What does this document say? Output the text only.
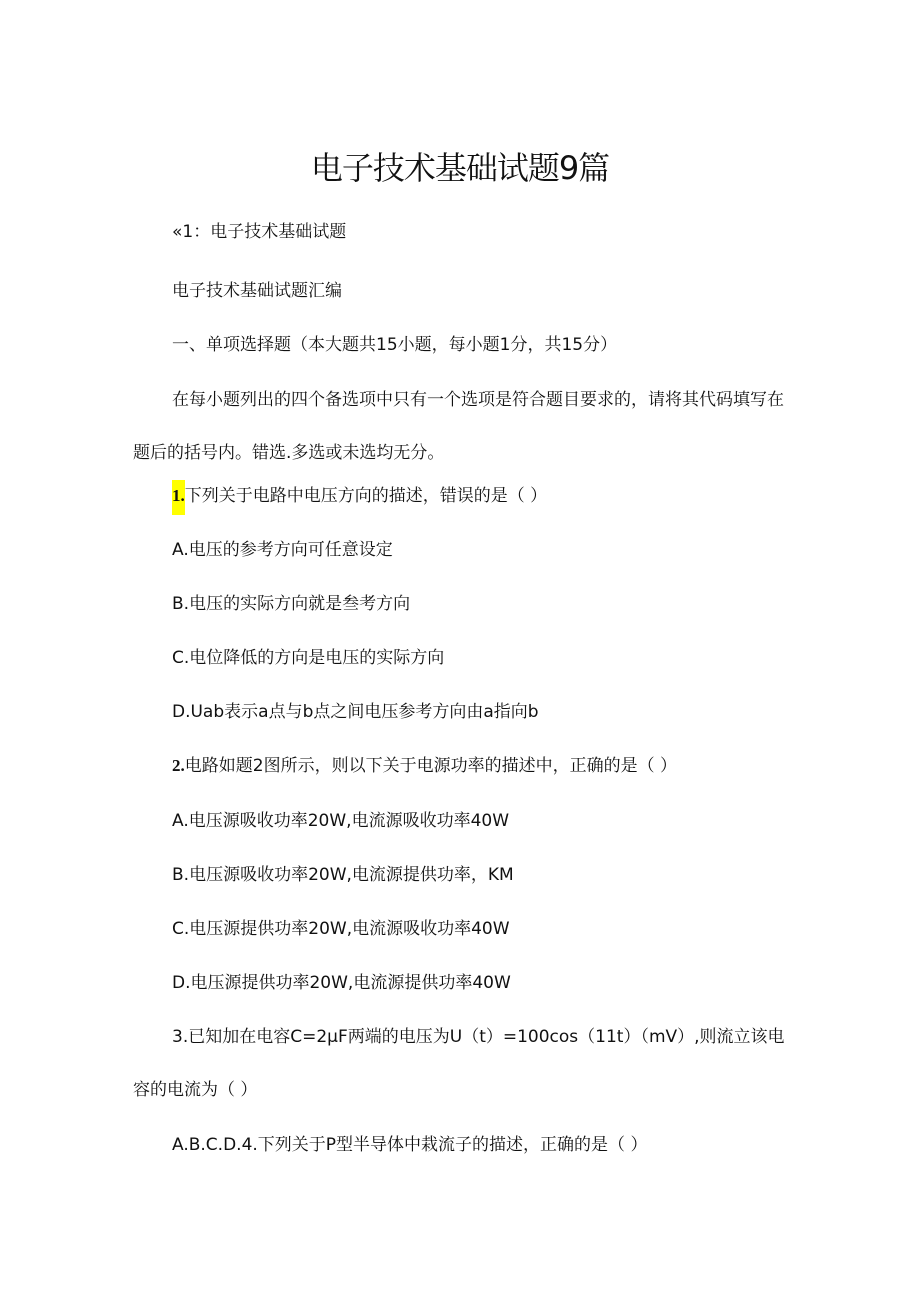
电子技术基础试题9篇

«1：电子技术基础试题

电子技术基础试题汇编

一、单项选择题（本大题共15小题，每小题1分，共15分）

在每小题列出的四个备选项中只有一个选项是符合题目要求的，请将其代码填写在题后的括号内。错选.多选或未选均无分。

1.下列关于电路中电压方向的描述，错误的是（ ）

A.电压的参考方向可任意设定

B.电压的实际方向就是叁考方向

C.电位降低的方向是电压的实际方向

D.Uab表示a点与b点之间电压参考方向由a指向b

2.电路如题2图所示，则以下关于电源功率的描述中，正确的是（ ）

A.电压源吸收功率20W,电流源吸收功率40W

B.电压源吸收功率20W,电流源提供功率，KM

C.电压源提供功率20W,电流源吸收功率40W

D.电压源提供功率20W,电流源提供功率40W

3.已知加在电容C=2μF两端的电压为U（t）=100cos（11t）（mV）,则流立该电容的电流为（ ）

A.B.C.D.4.下列关于P型半导体中栽流子的描述，正确的是（ ）
